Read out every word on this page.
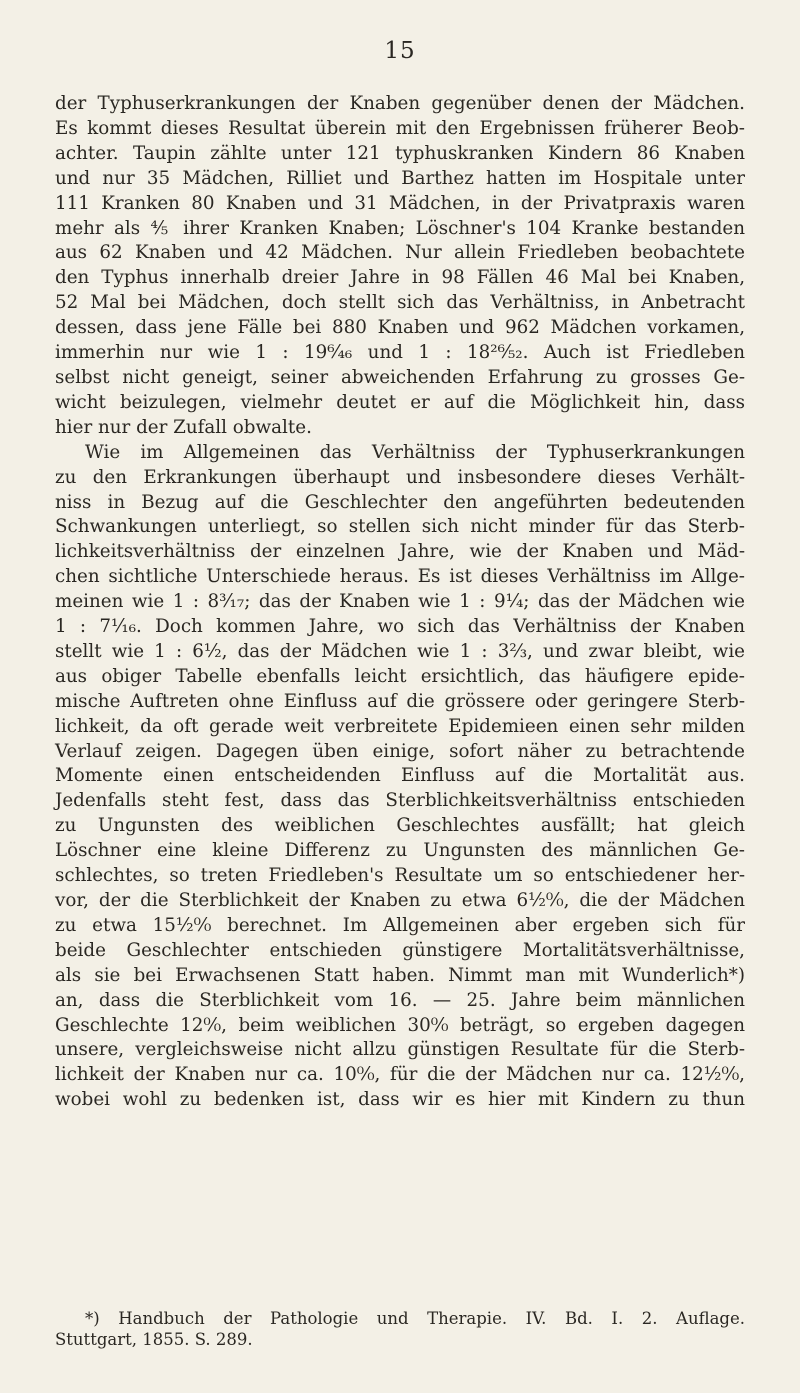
15
der Typhuserkrankungen der Knaben gegenüber denen der Mädchen.
Es kommt dieses Resultat überein mit den Ergebnissen früherer Beob-
achter. Taupin zählte unter 121 typhuskranken Kindern 86 Knaben
und nur 35 Mädchen, Rilliet und Barthez hatten im Hospitale unter
111 Kranken 80 Knaben und 31 Mädchen, in der Privatpraxis waren
mehr als ⅘ ihrer Kranken Knaben; Löschner's 104 Kranke bestanden
aus 62 Knaben und 42 Mädchen. Nur allein Friedleben beobachtete
den Typhus innerhalb dreier Jahre in 98 Fällen 46 Mal bei Knaben,
52 Mal bei Mädchen, doch stellt sich das Verhältniss, in Anbetracht
dessen, dass jene Fälle bei 880 Knaben und 962 Mädchen vorkamen,
immerhin nur wie 1 : 19⁶⁄₄₆ und 1 : 18²⁶⁄₅₂. Auch ist Friedleben
selbst nicht geneigt, seiner abweichenden Erfahrung zu grosses Ge-
wicht beizulegen, vielmehr deutet er auf die Möglichkeit hin, dass
hier nur der Zufall obwalte.
Wie im Allgemeinen das Verhältniss der Typhuserkrankungen
zu den Erkrankungen überhaupt und insbesondere dieses Verhält-
niss in Bezug auf die Geschlechter den angeführten bedeutenden
Schwankungen unterliegt, so stellen sich nicht minder für das Sterb-
lichkeitsverhältniss der einzelnen Jahre, wie der Knaben und Mäd-
chen sichtliche Unterschiede heraus. Es ist dieses Verhältniss im Allge-
meinen wie 1 : 8³⁄₁₇; das der Knaben wie 1 : 9¹⁄₄; das der Mädchen wie
1 : 7¹⁄₁₆. Doch kommen Jahre, wo sich das Verhältniss der Knaben
stellt wie 1 : 6½, das der Mädchen wie 1 : 3⅔, und zwar bleibt, wie
aus obiger Tabelle ebenfalls leicht ersichtlich, das häufigere epide-
mische Auftreten ohne Einfluss auf die grössere oder geringere Sterb-
lichkeit, da oft gerade weit verbreitete Epidemieen einen sehr milden
Verlauf zeigen. Dagegen üben einige, sofort näher zu betrachtende
Momente einen entscheidenden Einfluss auf die Mortalität aus.
Jedenfalls steht fest, dass das Sterblichkeitsverhältniss entschieden
zu Ungunsten des weiblichen Geschlechtes ausfällt; hat gleich
Löschner eine kleine Differenz zu Ungunsten des männlichen Ge-
schlechtes, so treten Friedleben's Resultate um so entschiedener her-
vor, der die Sterblichkeit der Knaben zu etwa 6½⁰⁄₀, die der Mädchen
zu etwa 15½⁰⁄₀ berechnet. Im Allgemeinen aber ergeben sich für
beide Geschlechter entschieden günstigere Mortalitätsverhältnisse,
als sie bei Erwachsenen Statt haben. Nimmt man mit Wunderlich*)
an, dass die Sterblichkeit vom 16. — 25. Jahre beim männlichen
Geschlechte 12⁰⁄₀, beim weiblichen 30⁰⁄₀ beträgt, so ergeben dagegen
unsere, vergleichsweise nicht allzu günstigen Resultate für die Sterb-
lichkeit der Knaben nur ca. 10⁰⁄₀, für die der Mädchen nur ca. 12½⁰⁄₀,
wobei wohl zu bedenken ist, dass wir es hier mit Kindern zu thun
*) Handbuch der Pathologie und Therapie. IV. Bd. I. 2. Auflage.
Stuttgart, 1855. S. 289.
